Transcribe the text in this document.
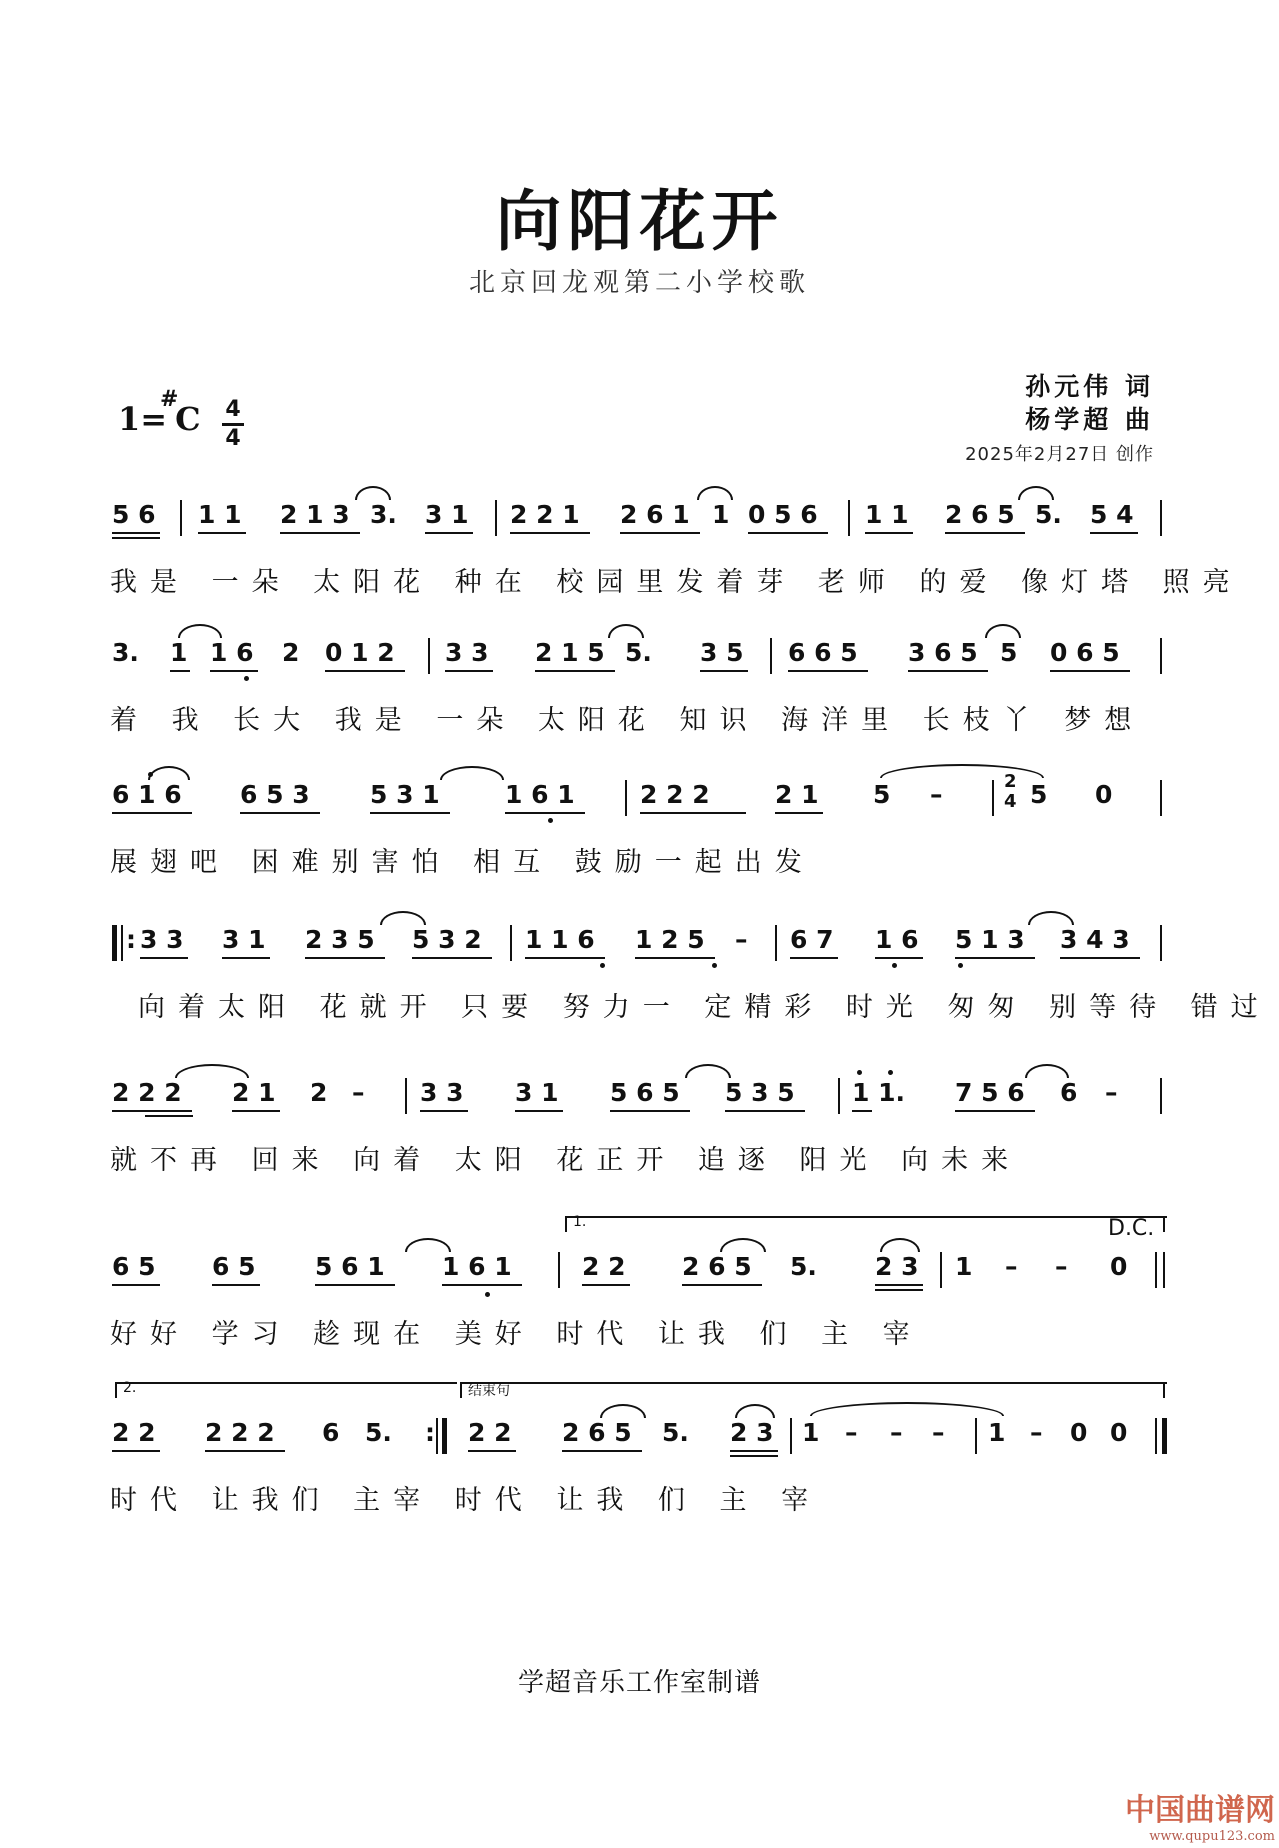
向阳花开
北京回龙观第二小学校歌
1=
#
C 4
4
孙元伟 词
杨学超 曲
2025年2月27日 创作
5 6 1 1 2 1 3 3. 3 1 2 2 1 2 6 1 1 0 5 6 1 1 2 6 5 5. 5 4
我是 一朵 太阳花 种在 校园里发着芽 老师 的爱 像灯塔 照亮
3. 1 1 6 2 0 1 2 3 3 2 1 5 5. 3 5 6 6 5 3 6 5 5 0 6 5
着 我 长大 我是 一朵 太阳花 知识 海洋里 长枝丫 梦想
6 1 6 6 5 3 5 3 1	1 6 1	2 2 2	2 1 5 –	2
4 5 0
展翅吧 困难别害怕 相互 鼓励一起出发
: 3 3 3 1 2 3 5 5 3 2 1 1 6 1 2 5 – 6 7 1 6 5 1 3 3 4 3
向着太阳 花就开 只要 努力一 定精彩 时光 匆匆 别等待 错过
2 2 2 2 1 2 – 3 3 3 1 5 6 5 5 3 5 1 1. 7 5 6 6 –
就不再 回来 向着 太阳 花正开 追逐 阳光 向未来
1.	D.C.
6 5 6 5 5 6 1 1 6 1	2 2 2 6 5 5. 2 3 1 – – 0
好好 学习 趁现在 美好 时代 让我 们 主 宰
2.	结束句
2 2 2 2 2 6 5. : 2 2 2 6 5 5. 2 3 1 – – – 1 – 0 0
时代 让我们 主宰 时代 让我 们 主 宰
学超音乐工作室制谱
中国曲谱网
www.qupu123.com
